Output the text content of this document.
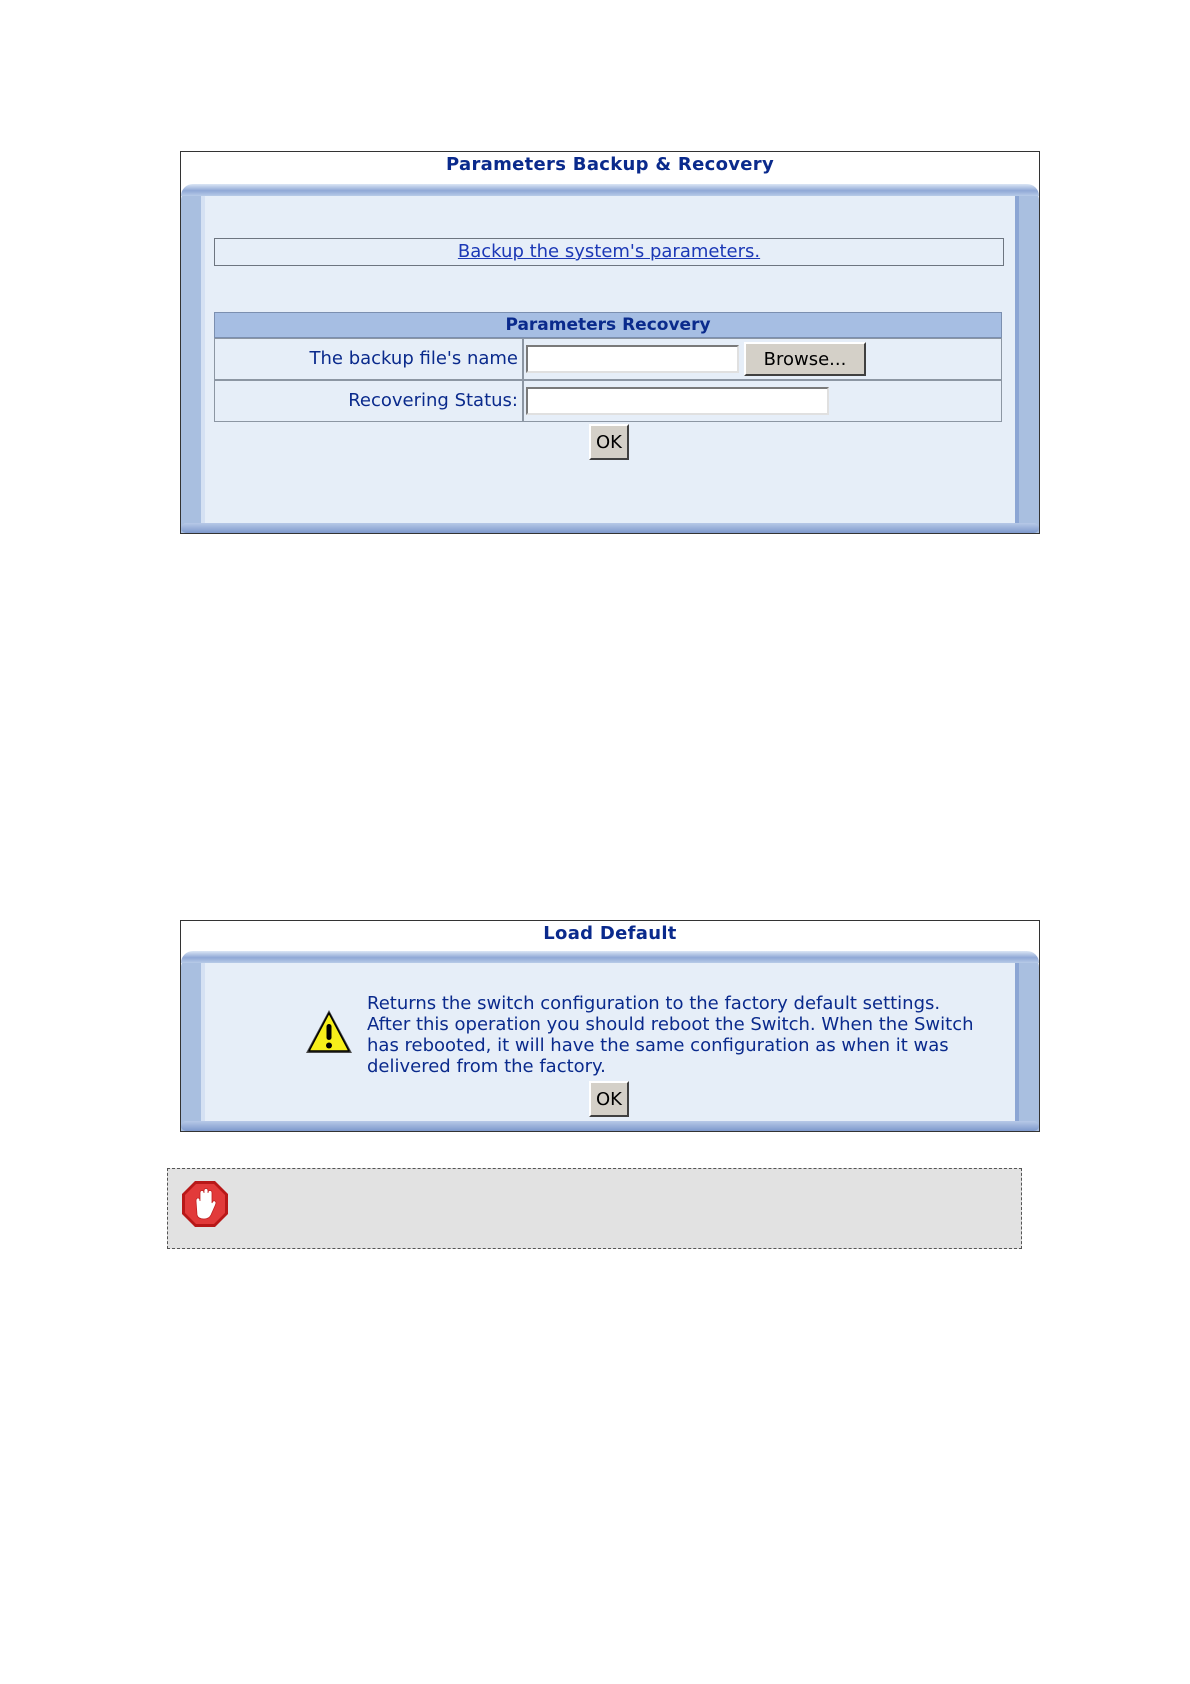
Parameters Backup & Recovery
Backup the system's parameters.
Parameters Recovery
The backup file's name	Browse...
Recovering Status:
OK
Load Default
Returns the switch configuration to the factory default settings.
After this operation you should reboot the Switch. When the Switch
has rebooted, it will have the same configuration as when it was
delivered from the factory.
OK
